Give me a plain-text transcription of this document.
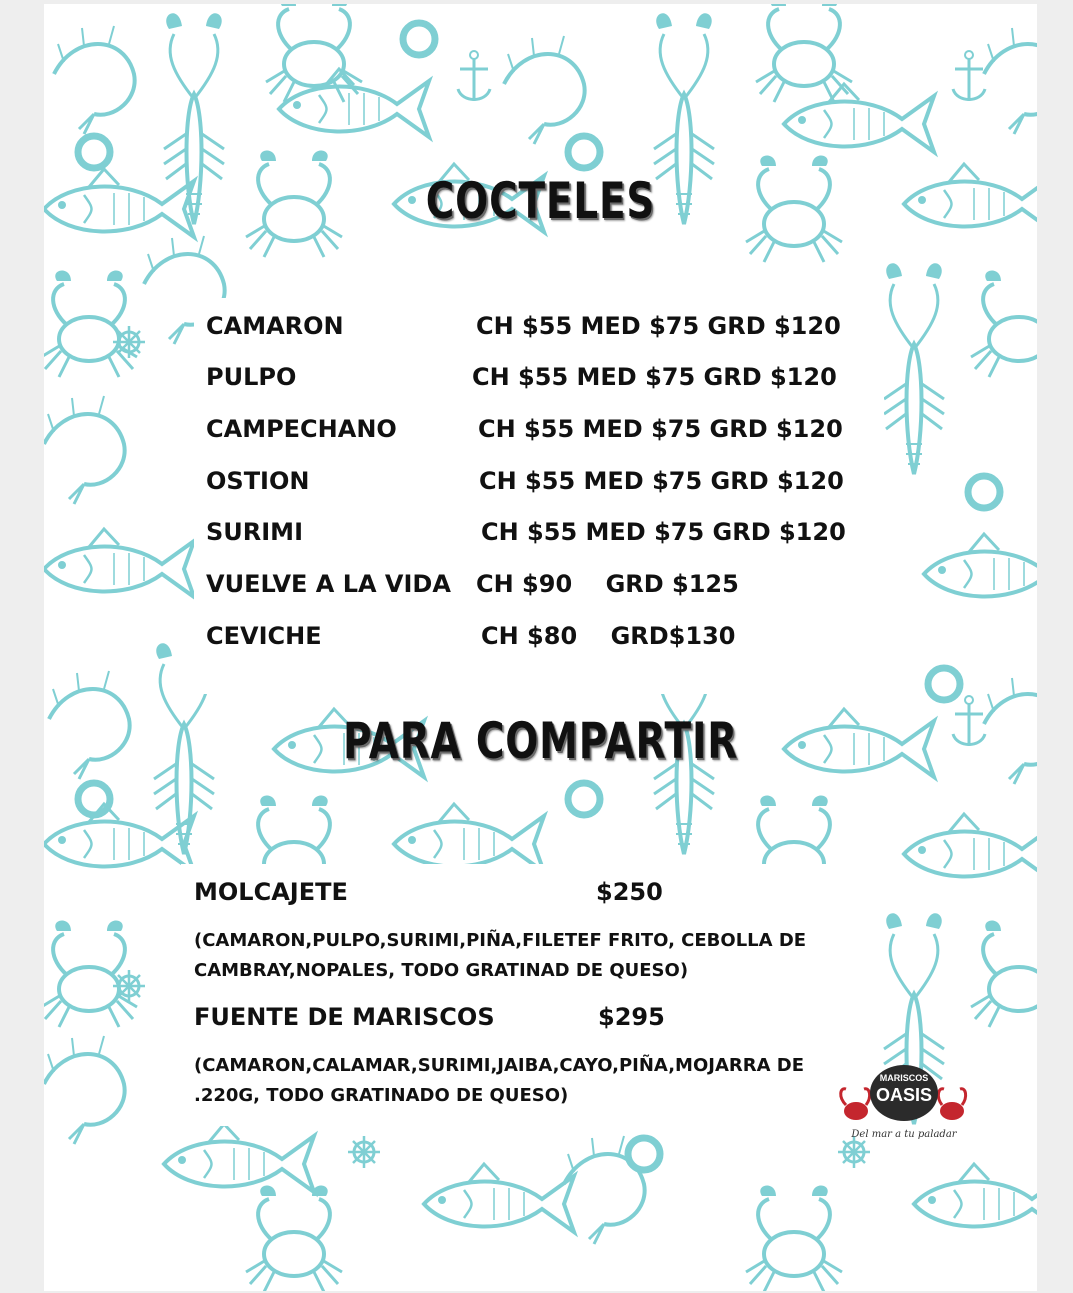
COCTELES
CAMARON	CH $55 MED $75 GRD $120
PULPO	CH $55 MED $75 GRD $120
CAMPECHANO	CH $55 MED $75 GRD $120
OSTION	CH $55 MED $75 GRD $120
SURIMI	CH $55 MED $75 GRD $120
VUELVE A LA VIDA CH $90    GRD $125
CEVICHE	CH $80    GRD$130
PARA COMPARTIR
MOLCAJETE	$250
(CAMARON,PULPO,SURIMI,PIÑA,FILETEF FRITO, CEBOLLA DE CAMBRAY,NOPALES, TODO GRATINAD DE QUESO)
FUENTE DE MARISCOS	$295
(CAMARON,CALAMAR,SURIMI,JAIBA,CAYO,PIÑA,MOJARRA DE .220G, TODO GRATINADO DE QUESO)
MARISCOS
OASIS
Del mar a tu paladar
